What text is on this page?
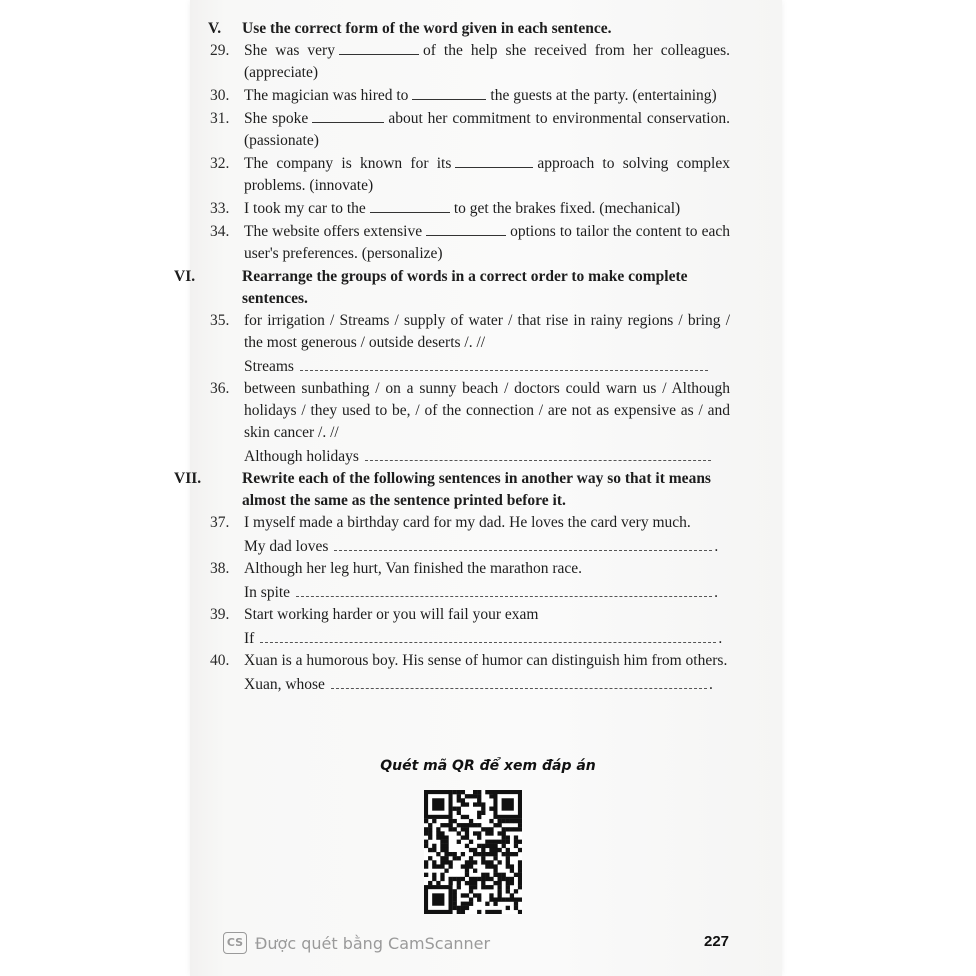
V. Use the correct form of the word given in each sentence.

29. She was very	of the help she received from her colleagues. (appreciate)
30. The magician was hired to	the guests at the party. (entertaining)
31. She spoke	about her commitment to environmental conservation. (passionate)
32. The company is known for its	approach to solving complex problems. (innovate)
33. I took my car to the	to get the brakes fixed. (mechanical)
34. The website offers extensive	options to tailor the content to each user's preferences. (personalize)

VI.	Rearrange the groups of words in a correct order to make complete sentences.

35. for irrigation / Streams / supply of water / that rise in rainy regions / bring / the most generous / outside deserts /. //
Streams
36. between sunbathing / on a sunny beach / doctors could warn us / Although holidays / they used to be, / of the connection / are not as expensive as / and skin cancer /. //
Although holidays

VII.	Rewrite each of the following sentences in another way so that it means almost the same as the sentence printed before it.

37. I myself made a birthday card for my dad. He loves the card very much.
My dad loves	.
38. Although her leg hurt, Van finished the marathon race.
In spite	.
39. Start working harder or you will fail your exam
If	.
40. Xuan is a humorous boy. His sense of humor can distinguish him from others.
Xuan, whose	.
Quét mã QR để xem đáp án
CS Được quét bằng CamScanner	227
